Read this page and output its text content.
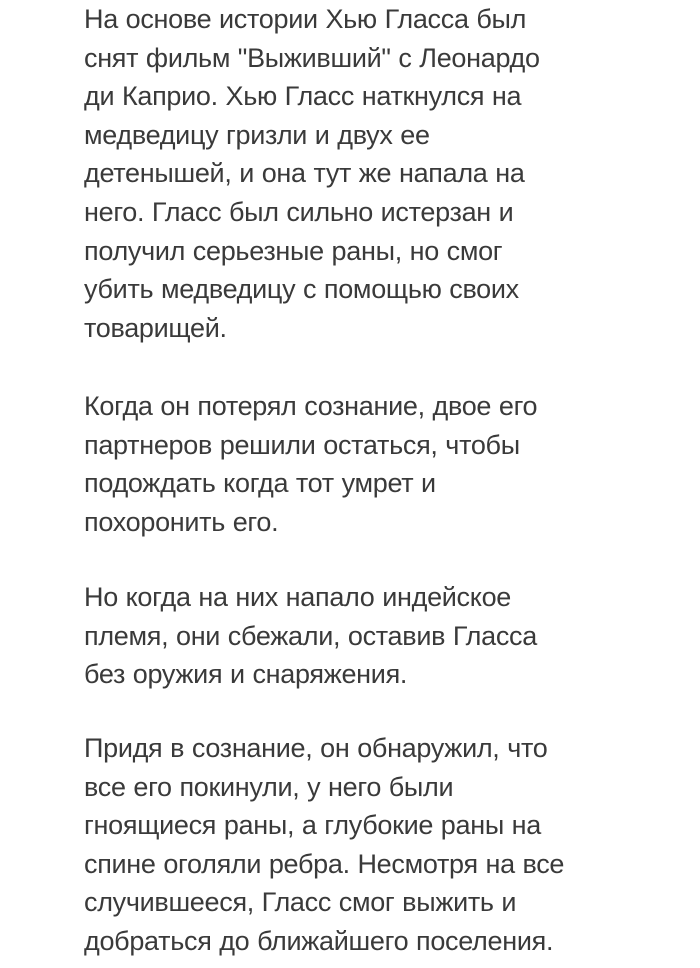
На основе истории Хью Гласса был
снят фильм "Выживший" с Леонардо
ди Каприо. Хью Гласс наткнулся на
медведицу гризли и двух ее
детенышей, и она тут же напала на
него. Гласс был сильно истерзан и
получил серьезные раны, но смог
убить медведицу с помощью своих
товарищей.

Когда он потерял сознание, двое его
партнеров решили остаться, чтобы
подождать когда тот умрет и
похоронить его.

Но когда на них напало индейское
племя, они сбежали, оставив Гласса
без оружия и снаряжения.

Придя в сознание, он обнаружил, что
все его покинули, у него были
гноящиеся раны, а глубокие раны на
спине оголяли ребра. Несмотря на все
случившееся, Гласс смог выжить и
добраться до ближайшего поселения.
